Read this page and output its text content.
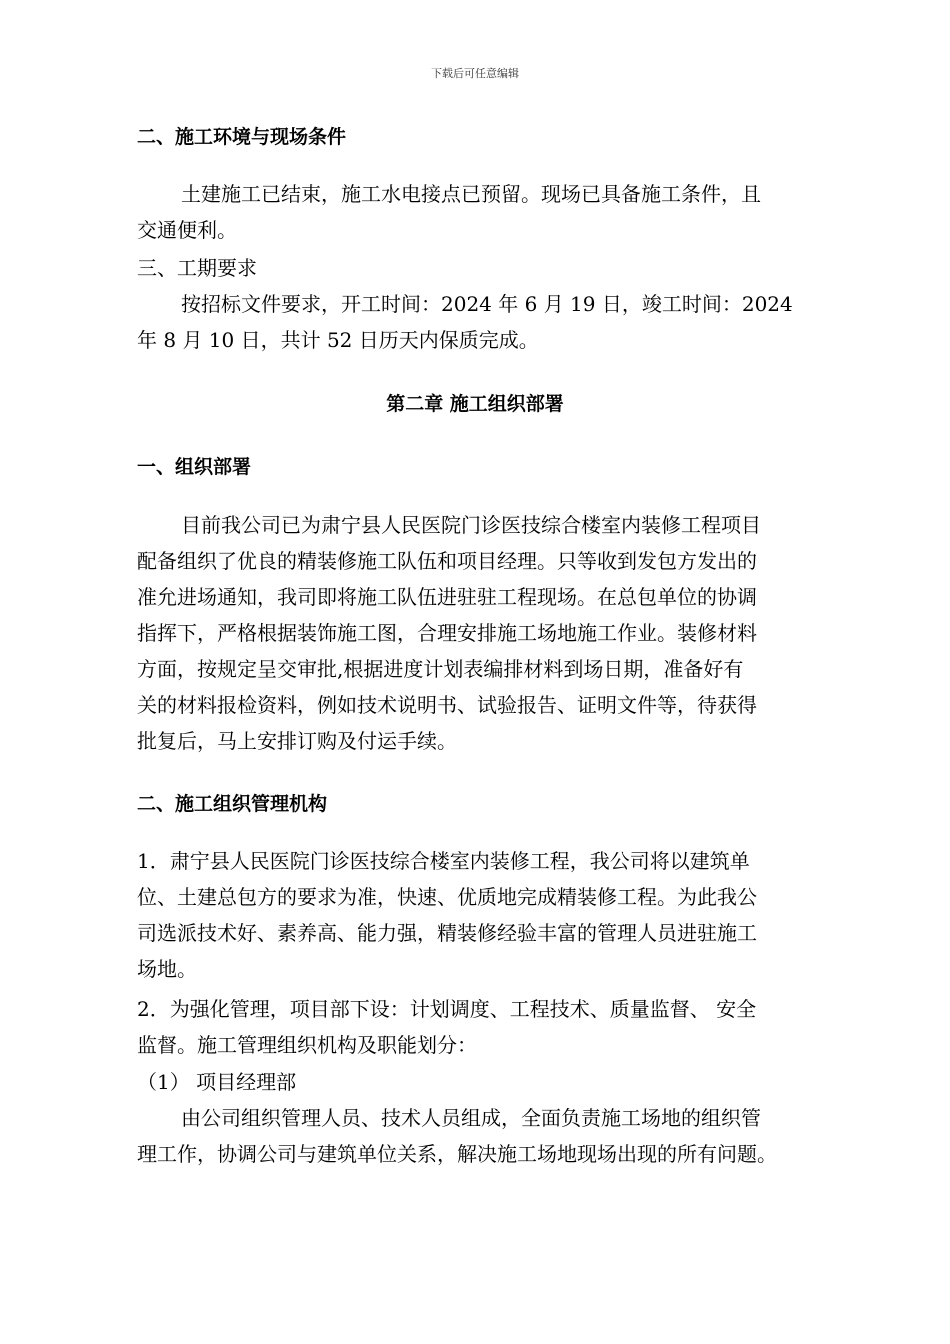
下载后可任意编辑
二、施工环境与现场条件
土建施工已结束，施工水电接点已预留。现场已具备施工条件，且
交通便利。
三、工期要求
按招标文件要求，开工时间：2024 年 6 月 19 日，竣工时间：2024
年 8 月 10 日，共计 52 日历天内保质完成。
第二章 施工组织部署
一、组织部署
目前我公司已为肃宁县人民医院门诊医技综合楼室内装修工程项目
配备组织了优良的精装修施工队伍和项目经理。只等收到发包方发出的
准允进场通知，我司即将施工队伍进驻驻工程现场。在总包单位的协调
指挥下，严格根据装饰施工图，合理安排施工场地施工作业。装修材料
方面，按规定呈交审批,根据进度计划表编排材料到场日期，准备好有
关的材料报检资料，例如技术说明书、试验报告、证明文件等，待获得
批复后，马上安排订购及付运手续。
二、施工组织管理机构
1．肃宁县人民医院门诊医技综合楼室内装修工程，我公司将以建筑单
位、土建总包方的要求为准，快速、优质地完成精装修工程。为此我公
司选派技术好、素养高、能力强，精装修经验丰富的管理人员进驻施工
场地。
2．为强化管理，项目部下设：计划调度、工程技术、质量监督、 安全
监督。施工管理组织机构及职能划分：
（1） 项目经理部
由公司组织管理人员、技术人员组成，全面负责施工场地的组织管
理工作，协调公司与建筑单位关系，解决施工场地现场出现的所有问题。
